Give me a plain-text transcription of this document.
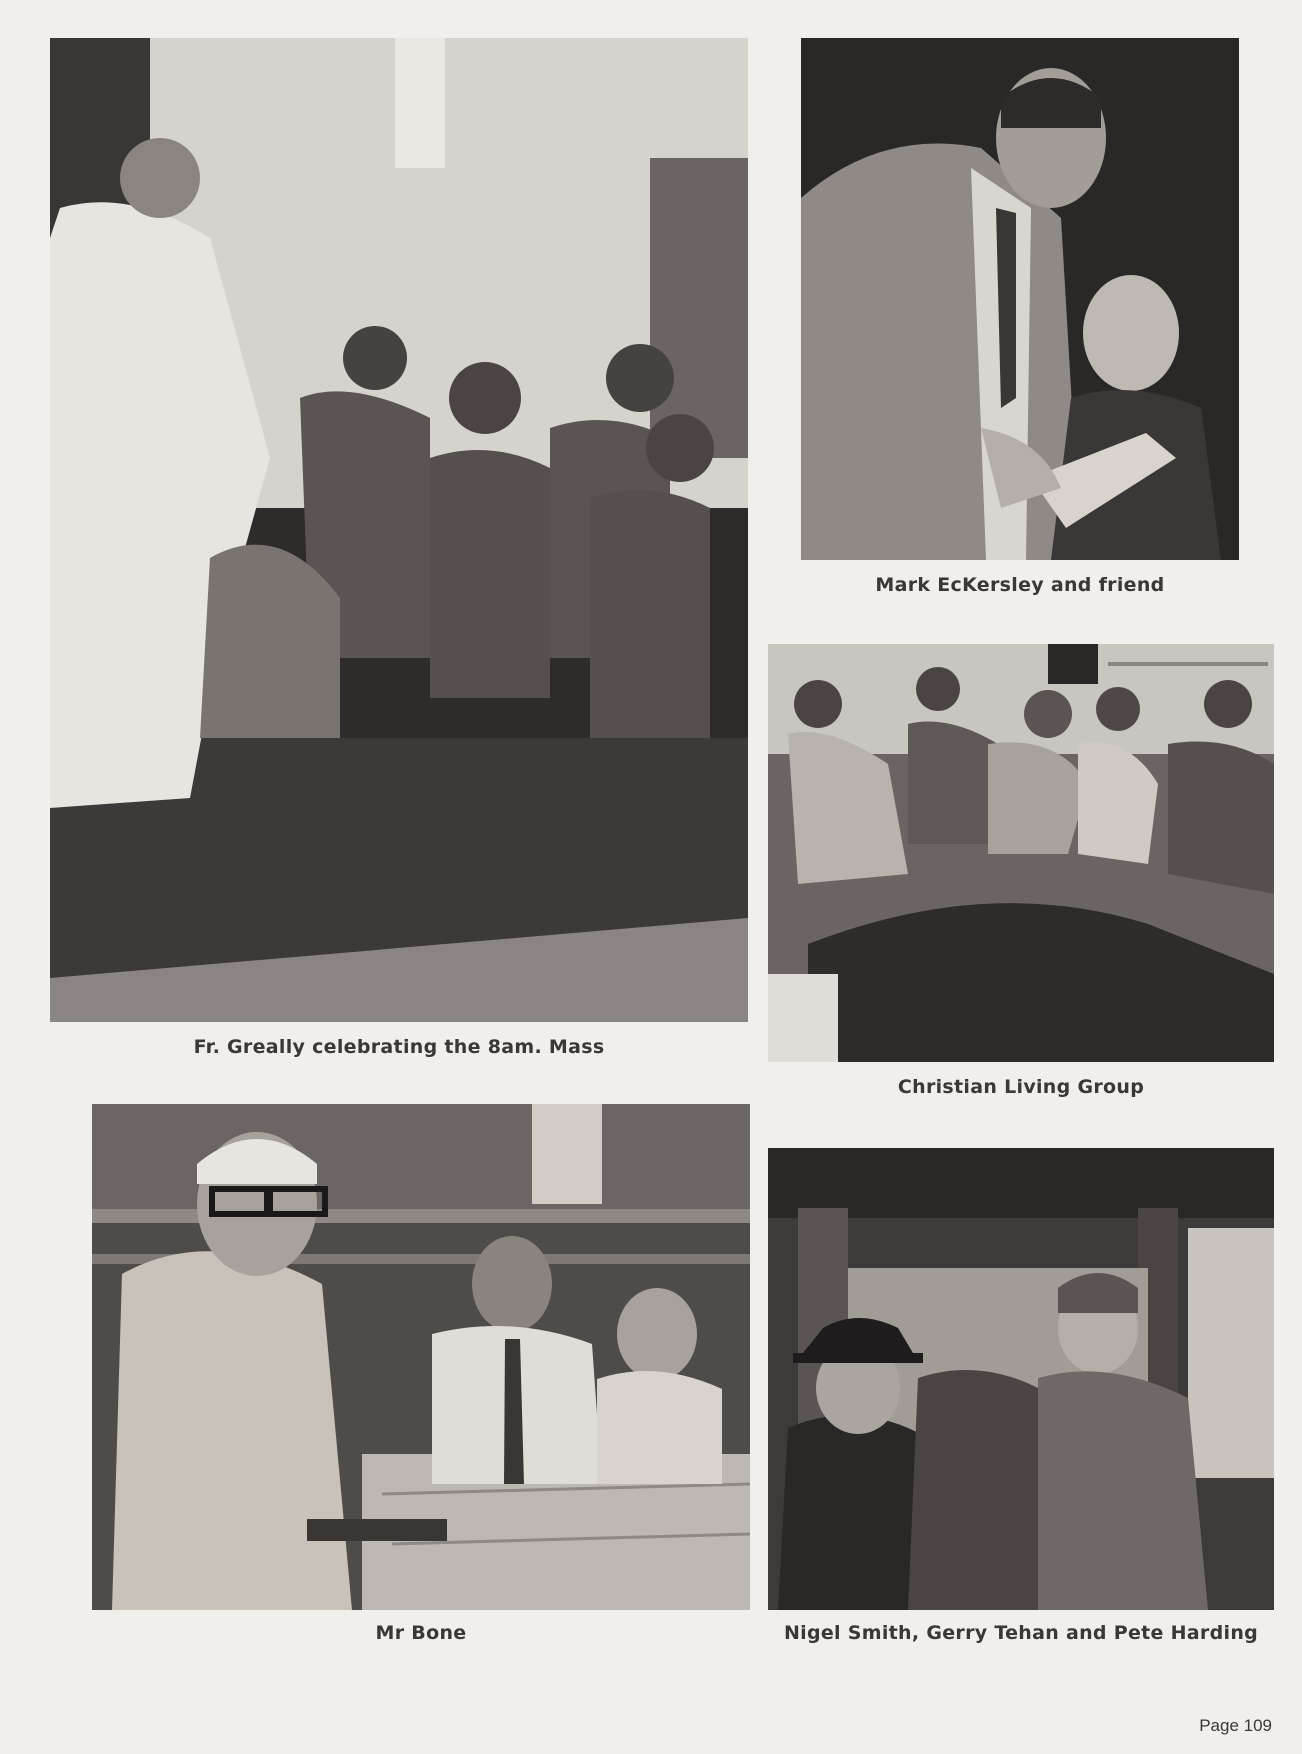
Fr. Greally celebrating the 8am. Mass
Mark EcKersley and friend
Christian Living Group
Mr Bone	Nigel Smith, Gerry Tehan and Pete Harding
Page 109
